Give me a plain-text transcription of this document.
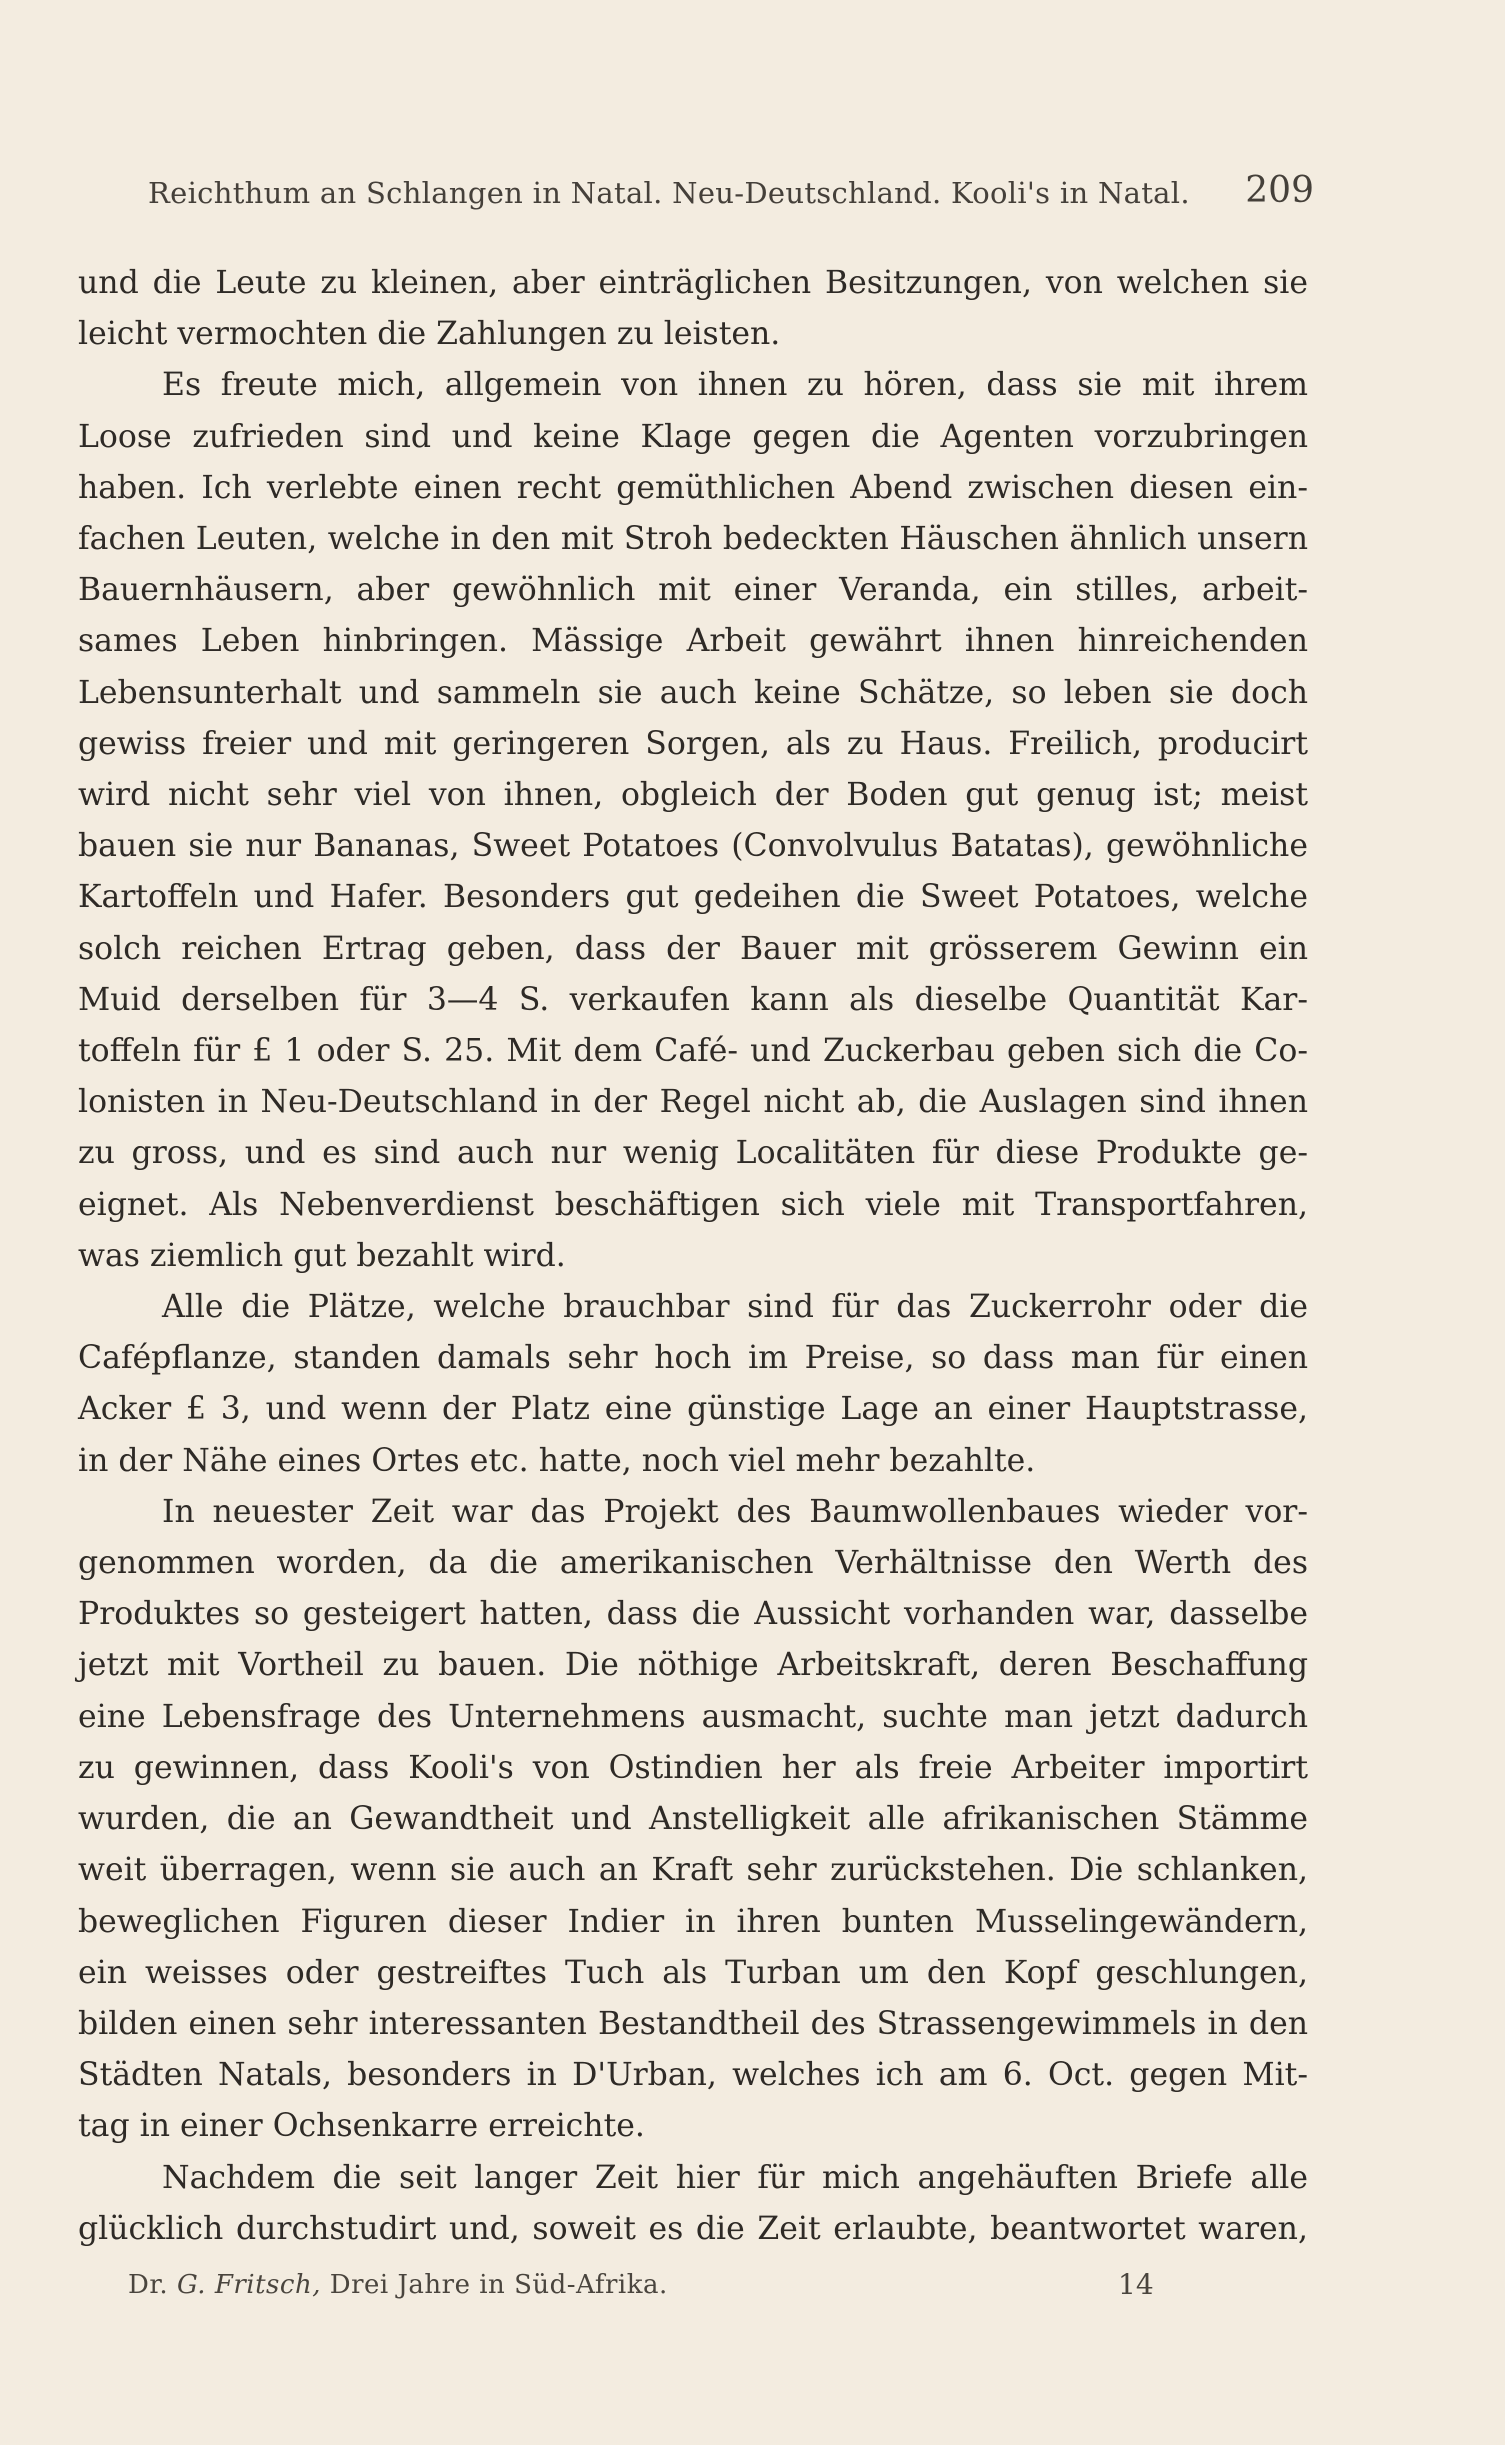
Reichthum an Schlangen in Natal. Neu-Deutschland. Kooli's in Natal. 209

und die Leute zu kleinen, aber einträglichen Besitzungen, von welchen sie

leicht vermochten die Zahlungen zu leisten.

Es freute mich, allgemein von ihnen zu hören, dass sie mit ihrem

Loose zufrieden sind und keine Klage gegen die Agenten vorzubringen

haben. Ich verlebte einen recht gemüthlichen Abend zwischen diesen ein-

fachen Leuten, welche in den mit Stroh bedeckten Häuschen ähnlich unsern

Bauernhäusern, aber gewöhnlich mit einer Veranda, ein stilles, arbeit-

sames Leben hinbringen. Mässige Arbeit gewährt ihnen hinreichenden

Lebensunterhalt und sammeln sie auch keine Schätze, so leben sie doch

gewiss freier und mit geringeren Sorgen, als zu Haus. Freilich, producirt

wird nicht sehr viel von ihnen, obgleich der Boden gut genug ist; meist

bauen sie nur Bananas, Sweet Potatoes (Convolvulus Batatas), gewöhnliche

Kartoffeln und Hafer. Besonders gut gedeihen die Sweet Potatoes, welche

solch reichen Ertrag geben, dass der Bauer mit grösserem Gewinn ein

Muid derselben für 3—4 S. verkaufen kann als dieselbe Quantität Kar-

toffeln für £ 1 oder S. 25. Mit dem Café- und Zuckerbau geben sich die Co-

lonisten in Neu-Deutschland in der Regel nicht ab, die Auslagen sind ihnen

zu gross, und es sind auch nur wenig Localitäten für diese Produkte ge-

eignet. Als Nebenverdienst beschäftigen sich viele mit Transportfahren,

was ziemlich gut bezahlt wird.

Alle die Plätze, welche brauchbar sind für das Zuckerrohr oder die

Cafépflanze, standen damals sehr hoch im Preise, so dass man für einen

Acker £ 3, und wenn der Platz eine günstige Lage an einer Hauptstrasse,

in der Nähe eines Ortes etc. hatte, noch viel mehr bezahlte.

In neuester Zeit war das Projekt des Baumwollenbaues wieder vor-

genommen worden, da die amerikanischen Verhältnisse den Werth des

Produktes so gesteigert hatten, dass die Aussicht vorhanden war, dasselbe

jetzt mit Vortheil zu bauen. Die nöthige Arbeitskraft, deren Beschaffung

eine Lebensfrage des Unternehmens ausmacht, suchte man jetzt dadurch

zu gewinnen, dass Kooli's von Ostindien her als freie Arbeiter importirt

wurden, die an Gewandtheit und Anstelligkeit alle afrikanischen Stämme

weit überragen, wenn sie auch an Kraft sehr zurückstehen. Die schlanken,

beweglichen Figuren dieser Indier in ihren bunten Musselingewändern,

ein weisses oder gestreiftes Tuch als Turban um den Kopf geschlungen,

bilden einen sehr interessanten Bestandtheil des Strassengewimmels in den

Städten Natals, besonders in D'Urban, welches ich am 6. Oct. gegen Mit-

tag in einer Ochsenkarre erreichte.

Nachdem die seit langer Zeit hier für mich angehäuften Briefe alle

glücklich durchstudirt und, soweit es die Zeit erlaubte, beantwortet waren,

Dr. G. Fritsch, Drei Jahre in Süd-Afrika.	14
